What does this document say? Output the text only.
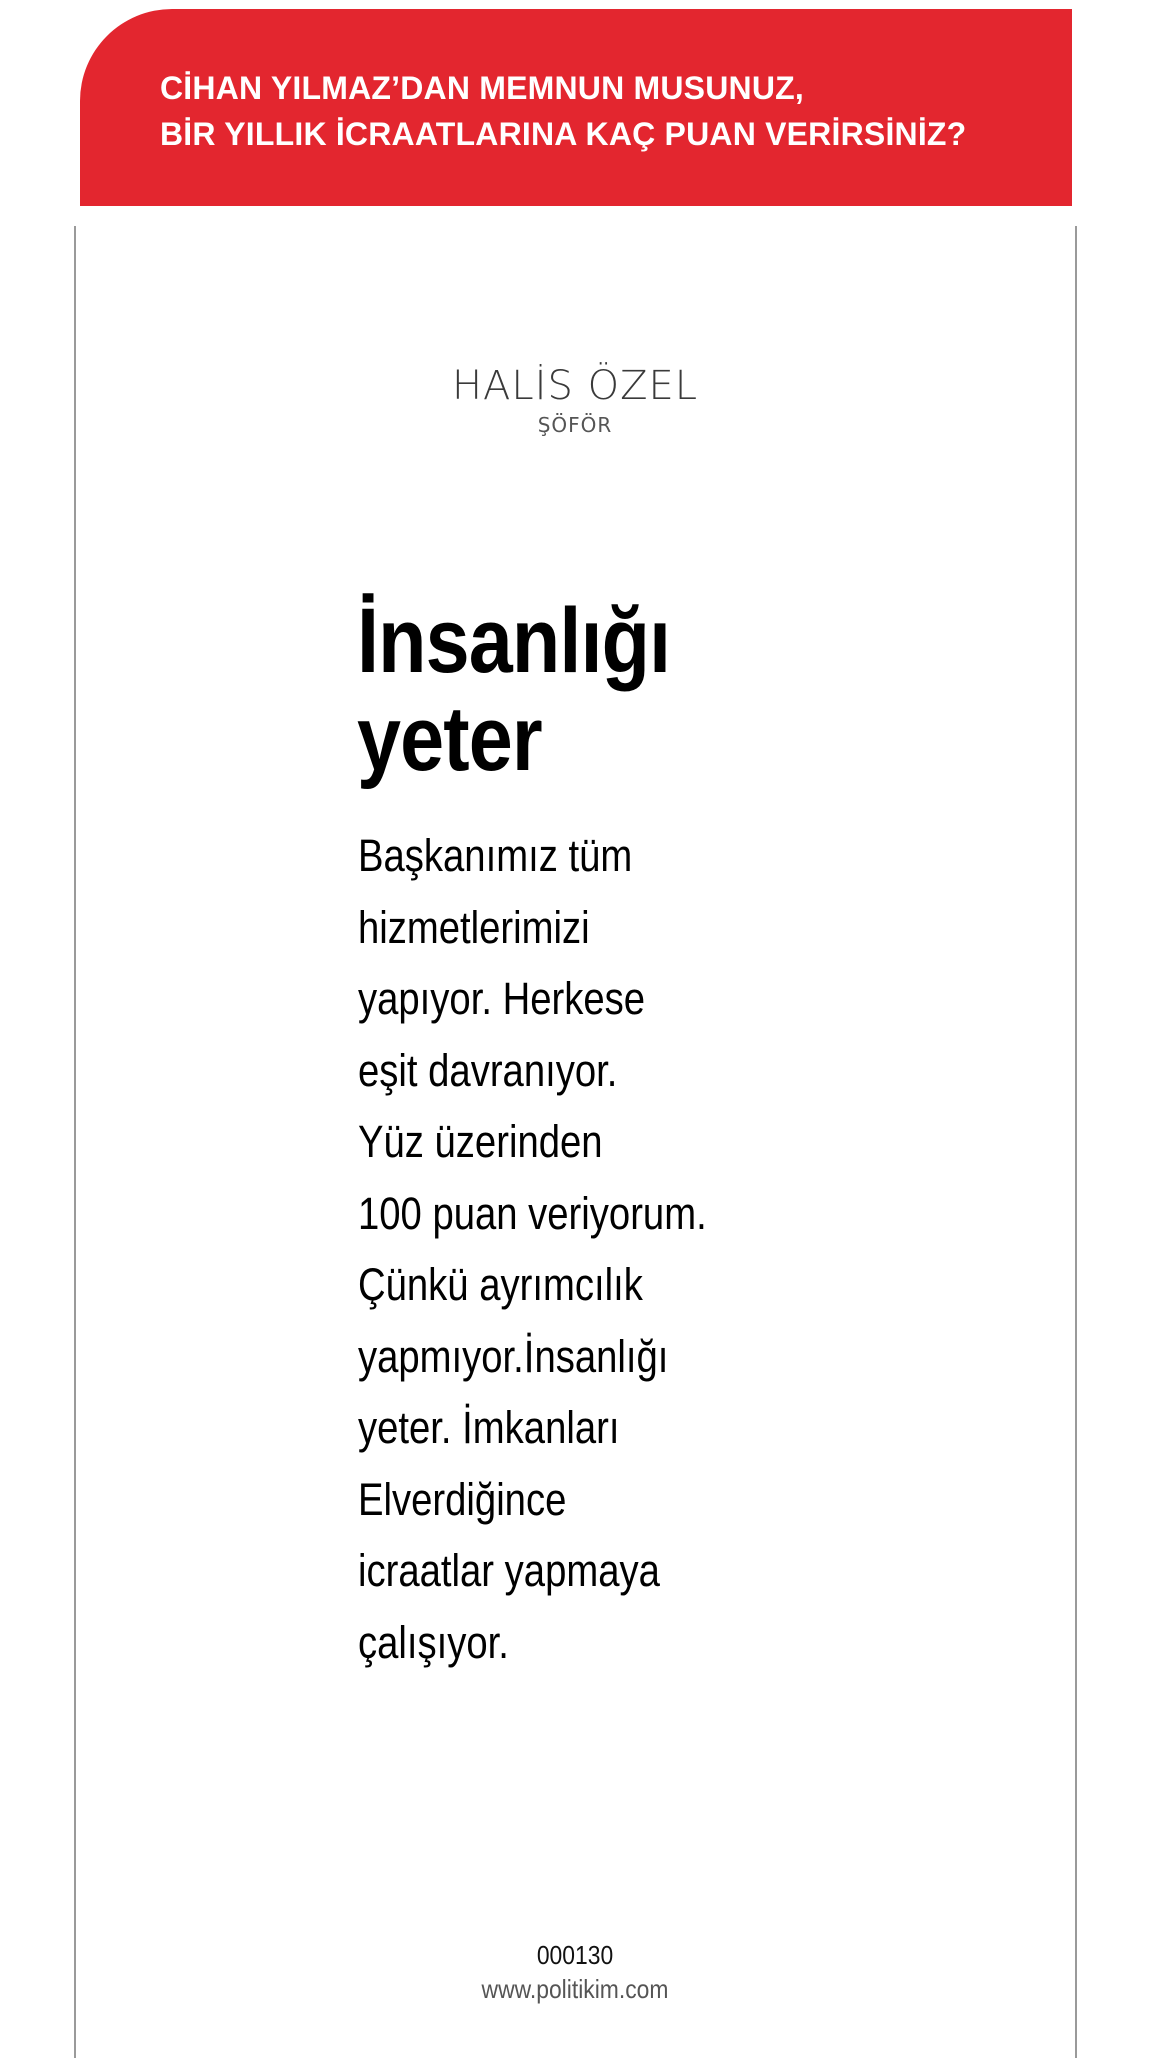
CİHAN YILMAZ’DAN MEMNUN MUSUNUZ,
BİR YILLIK İCRAATLARINA KAÇ PUAN VERİRSİNİZ?
HALİS ÖZEL
ŞÖFÖR
İnsanlığı
yeter
Başkanımız tüm
hizmetlerimizi
yapıyor. Herkese
eşit davranıyor.
Yüz üzerinden
100 puan veriyorum.
Çünkü ayrımcılık
yapmıyor.İnsanlığı
yeter. İmkanları
Elverdiğince
icraatlar yapmaya
çalışıyor.
000130
www.politikim.com
